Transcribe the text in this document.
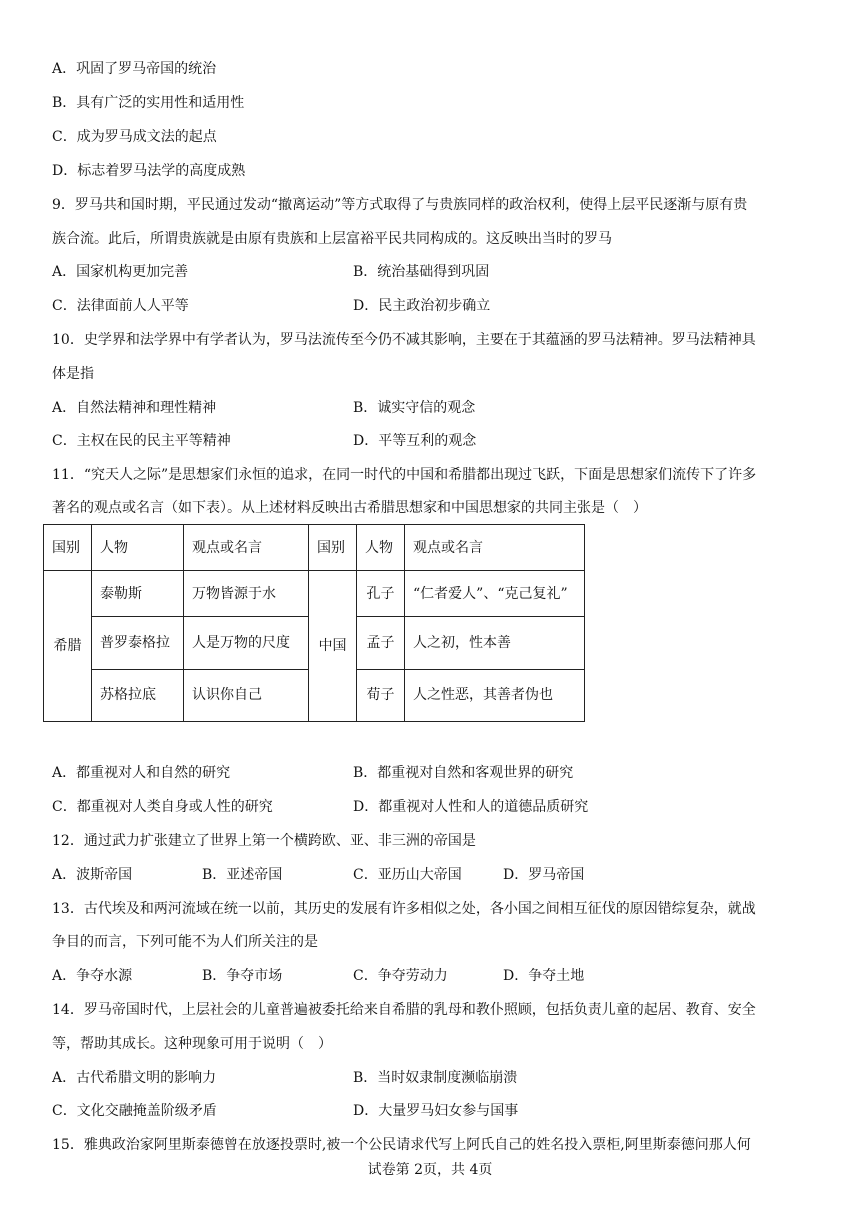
A．巩固了罗马帝国的统治
B．具有广泛的实用性和适用性
C．成为罗马成文法的起点
D．标志着罗马法学的高度成熟
9．罗马共和国时期，平民通过发动“撤离运动”等方式取得了与贵族同样的政治权利，使得上层平民逐渐与原有贵
族合流。此后，所谓贵族就是由原有贵族和上层富裕平民共同构成的。这反映出当时的罗马
A．国家机构更加完善	B．统治基础得到巩固
C．法律面前人人平等	D．民主政治初步确立
10．史学界和法学界中有学者认为，罗马法流传至今仍不减其影响，主要在于其蕴涵的罗马法精神。罗马法精神具
体是指
A．自然法精神和理性精神	B．诚实守信的观念
C．主权在民的民主平等精神	D．平等互利的观念
11．“究天人之际”是思想家们永恒的追求，在同一时代的中国和希腊都出现过飞跃，下面是思想家们流传下了许多
著名的观点或名言（如下表）。从上述材料反映出古希腊思想家和中国思想家的共同主张是（　）
国别	人物	观点或名言	国别	人物	观点或名言
希腊	泰勒斯	万物皆源于水	中国	孔子	“仁者爱人”、“克己复礼”
	普罗泰格拉	人是万物的尺度		孟子	人之初，性本善
	苏格拉底	认识你自己		荀子	人之性恶，其善者伪也
A．都重视对人和自然的研究	B．都重视对自然和客观世界的研究
C．都重视对人类自身或人性的研究	D．都重视对人性和人的道德品质研究
12．通过武力扩张建立了世界上第一个横跨欧、亚、非三洲的帝国是
A．波斯帝国	B．亚述帝国	C．亚历山大帝国	D．罗马帝国
13．古代埃及和两河流域在统一以前，其历史的发展有许多相似之处，各小国之间相互征伐的原因错综复杂，就战
争目的而言，下列可能不为人们所关注的是
A．争夺水源	B．争夺市场	C．争夺劳动力	D．争夺土地
14．罗马帝国时代，上层社会的儿童普遍被委托给来自希腊的乳母和教仆照顾，包括负责儿童的起居、教育、安全
等，帮助其成长。这种现象可用于说明（　）
A．古代希腊文明的影响力	B．当时奴隶制度濒临崩溃
C．文化交融掩盖阶级矛盾	D．大量罗马妇女参与国事
15．雅典政治家阿里斯泰德曾在放逐投票时,被一个公民请求代写上阿氏自己的姓名投入票柜,阿里斯泰德问那人何
试卷第 2页，共 4页
